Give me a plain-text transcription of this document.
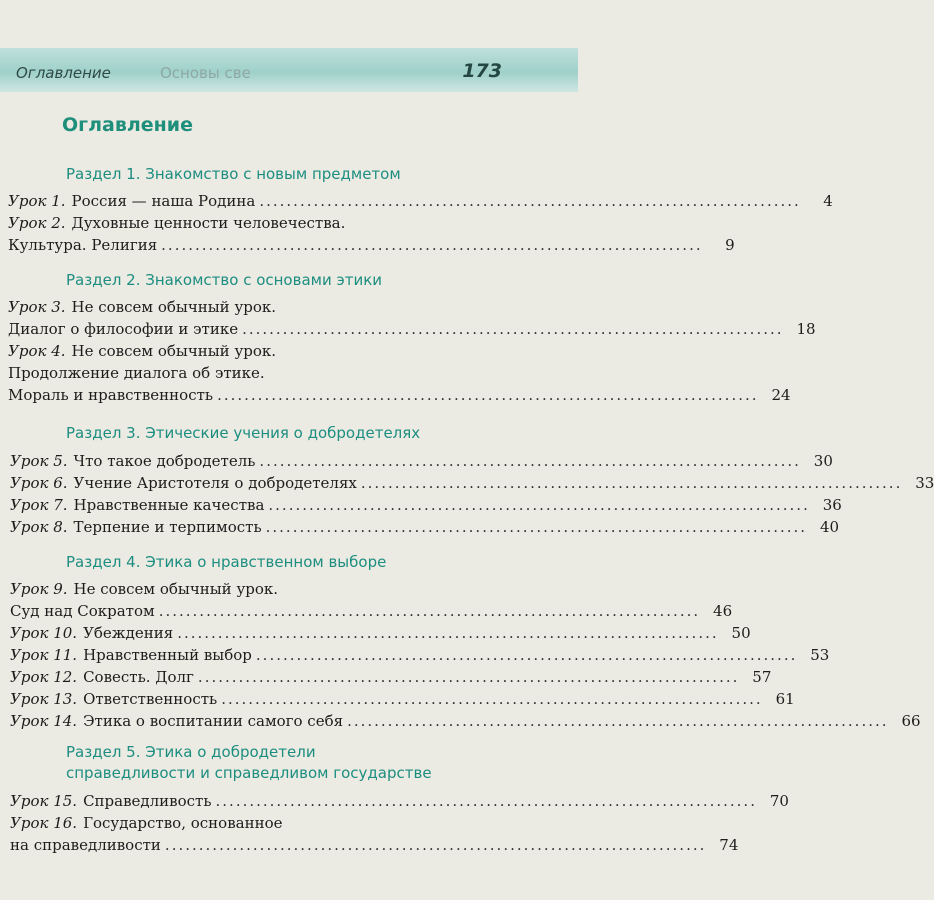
Оглавление	Основы све	173
Оглавление
Раздел 1. Знакомство с новым предметом
Урок 1. Россия — наша Родина ................................................................................	4
Урок 2. Духовные ценности человечества.
Культура. Религия ................................................................................	9
Раздел 2. Знакомство с основами этики
Урок 3. Не совсем обычный урок.
Диалог о философии и этике ................................................................................ 18
Урок 4. Не совсем обычный урок.
Продолжение диалога об этике.
Мораль и нравственность ................................................................................ 24
Раздел 3. Этические учения о добродетелях
Урок 5. Что такое добродетель ................................................................................ 30
Урок 6. Учение Аристотеля о добродетелях ................................................................................ 33
Урок 7. Нравственные качества ................................................................................ 36
Урок 8. Терпение и терпимость ................................................................................ 40
Раздел 4. Этика о нравственном выборе
Урок 9. Не совсем обычный урок.
Суд над Сократом ................................................................................ 46
Урок 10. Убеждения ................................................................................ 50
Урок 11. Нравственный выбор ................................................................................ 53
Урок 12. Совесть. Долг ................................................................................ 57
Урок 13. Ответственность ................................................................................ 61
Урок 14. Этика о воспитании самого себя ................................................................................ 66
Раздел 5. Этика о добродетели
справедливости и справедливом государстве
Урок 15. Справедливость ................................................................................ 70
Урок 16. Государство, основанное
на справедливости ................................................................................ 74
